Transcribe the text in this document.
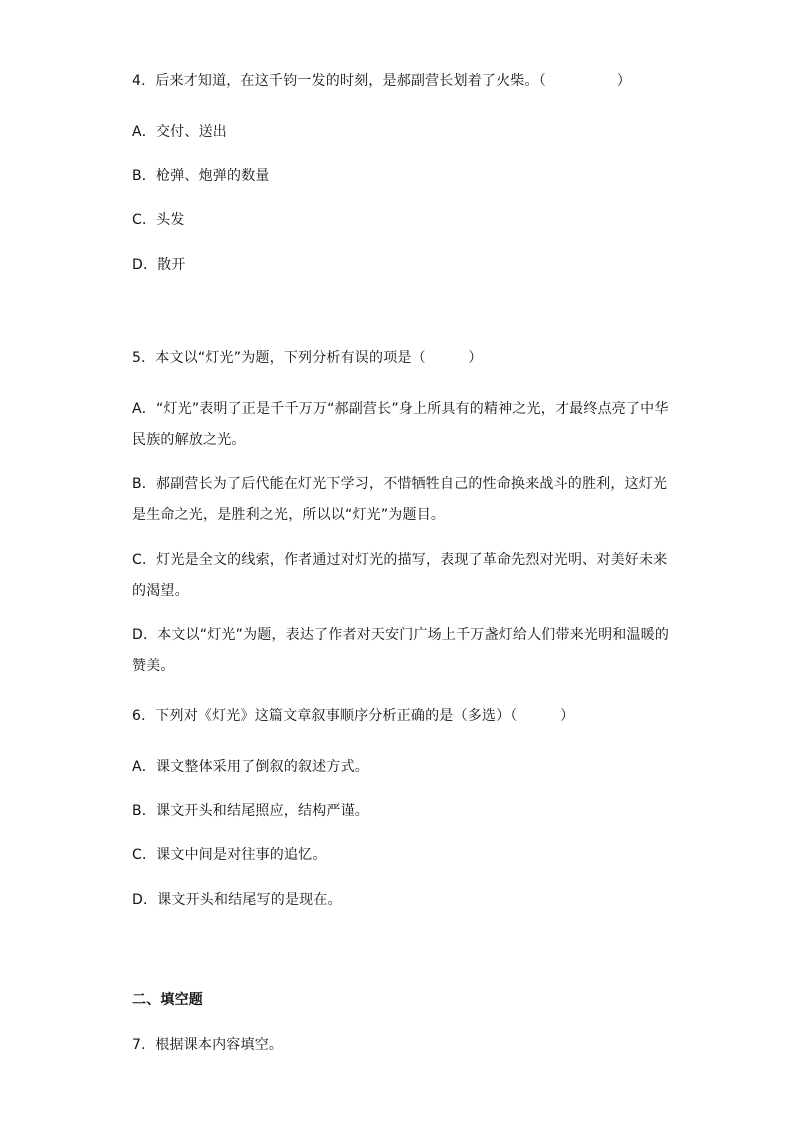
4．后来才知道，在这千钧一发的时刻，是郝副营长划着了火柴。（　　　　　）
A．交付、送出
B．枪弹、炮弹的数量
C．头发
D．散开
5．本文以“灯光”为题，下列分析有误的项是（　　　）
A．“灯光”表明了正是千千万万“郝副营长”身上所具有的精神之光，才最终点亮了中华民族的解放之光。
B．郝副营长为了后代能在灯光下学习，不惜牺牲自己的性命换来战斗的胜利，这灯光是生命之光，是胜利之光，所以以“灯光”为题目。
C．灯光是全文的线索，作者通过对灯光的描写，表现了革命先烈对光明、对美好未来的渴望。
D．本文以“灯光”为题，表达了作者对天安门广场上千万盏灯给人们带来光明和温暖的赞美。
6．下列对《灯光》这篇文章叙事顺序分析正确的是（多选）（　　　）
A．课文整体采用了倒叙的叙述方式。
B．课文开头和结尾照应，结构严谨。
C．课文中间是对往事的追忆。
D．课文开头和结尾写的是现在。
二、填空题
7．根据课本内容填空。
